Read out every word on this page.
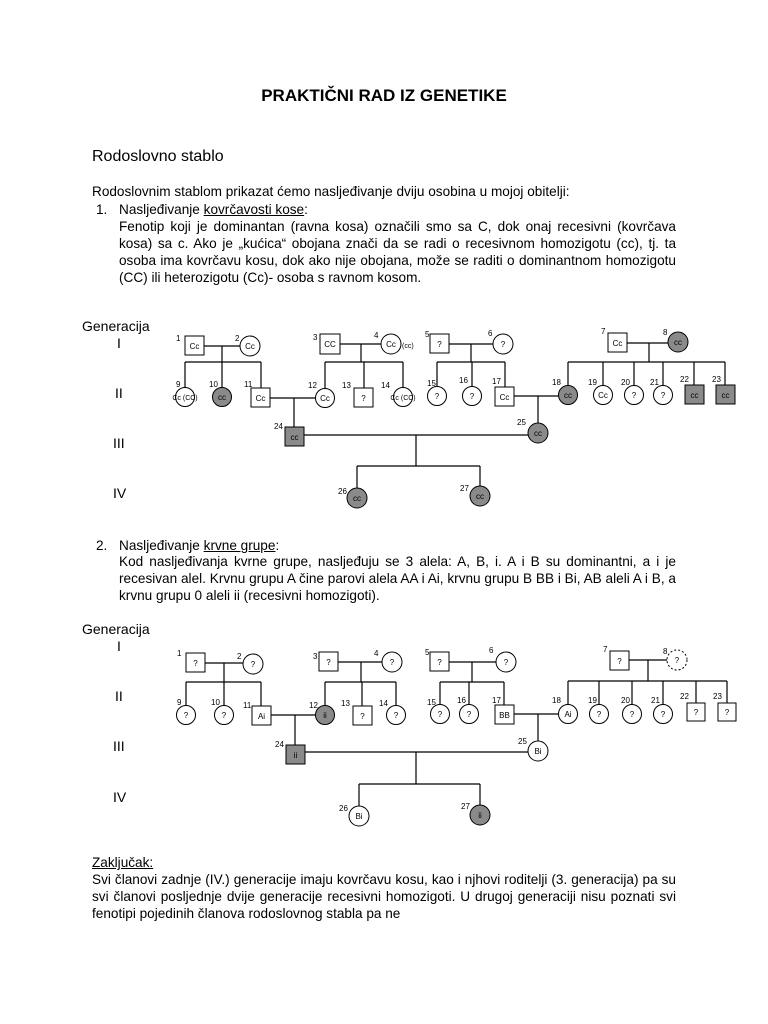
PRAKTIČNI RAD IZ GENETIKE
Rodoslovno stablo
Rodoslovnim stablom prikazat ćemo nasljeđivanje dviju osobina u mojoj obitelji:
1. Nasljeđivanje kovrčavosti kose:
Fenotip koji je dominantan (ravna kosa) označili smo sa C, dok onaj recesivni (kovrčava kosa) sa c. Ako je „kućica“ obojana znači da se radi o recesivnom homozigotu (cc), tj. ta osoba ima kovrčavu kosu, dok ako nije obojana, može se raditi o dominantnom homozigotu (CC) ili heterozigotu (Cc)- osoba s ravnom kosom.
Generacija
I
II
III
IV
1
Cc
2
Cc
3
CC
4
Cc (cc)
5
?
6
?
7
Cc
8
cc
9
Cc (CC)
10
cc
11
Cc
12
Cc
13
?
14
Cc (CC)
15
?
16
?
17
Cc
18
cc
19
Cc
20
?
21
?
22
cc
23
cc
24
cc
25
cc
26
cc
27
cc
2. Nasljeđivanje krvne grupe:
Kod nasljeđivanja kvrne grupe, nasljeđuju se 3 alela: A, B, i. A i B su dominantni, a i je recesivan alel. Krvnu grupu A čine parovi alela AA i Ai, krvnu grupu B BB i Bi, AB aleli A i B, a krvnu grupu 0 aleli ii (recesivni homozigoti).
Generacija
I
II
III
IV
1
?
2
?
3
?
4
?
5
?
6
?
7
?
8
?
9
?
10
?
11
Ai
12
ii
13
?
14
?
15
?
16
?
17
BB
18
Ai
19
?
20
?
21
?
22
?
23
?
24
ii
25
Bi
26
Bi
27
ii
Zaključak:
Svi članovi zadnje (IV.) generacije imaju kovrčavu kosu, kao i njhovi roditelji (3. generacija) pa su svi članovi posljednje dvije generacije recesivni homozigoti. U drugoj generaciji nisu poznati svi fenotipi pojedinih članova rodoslovnog stabla pa ne
